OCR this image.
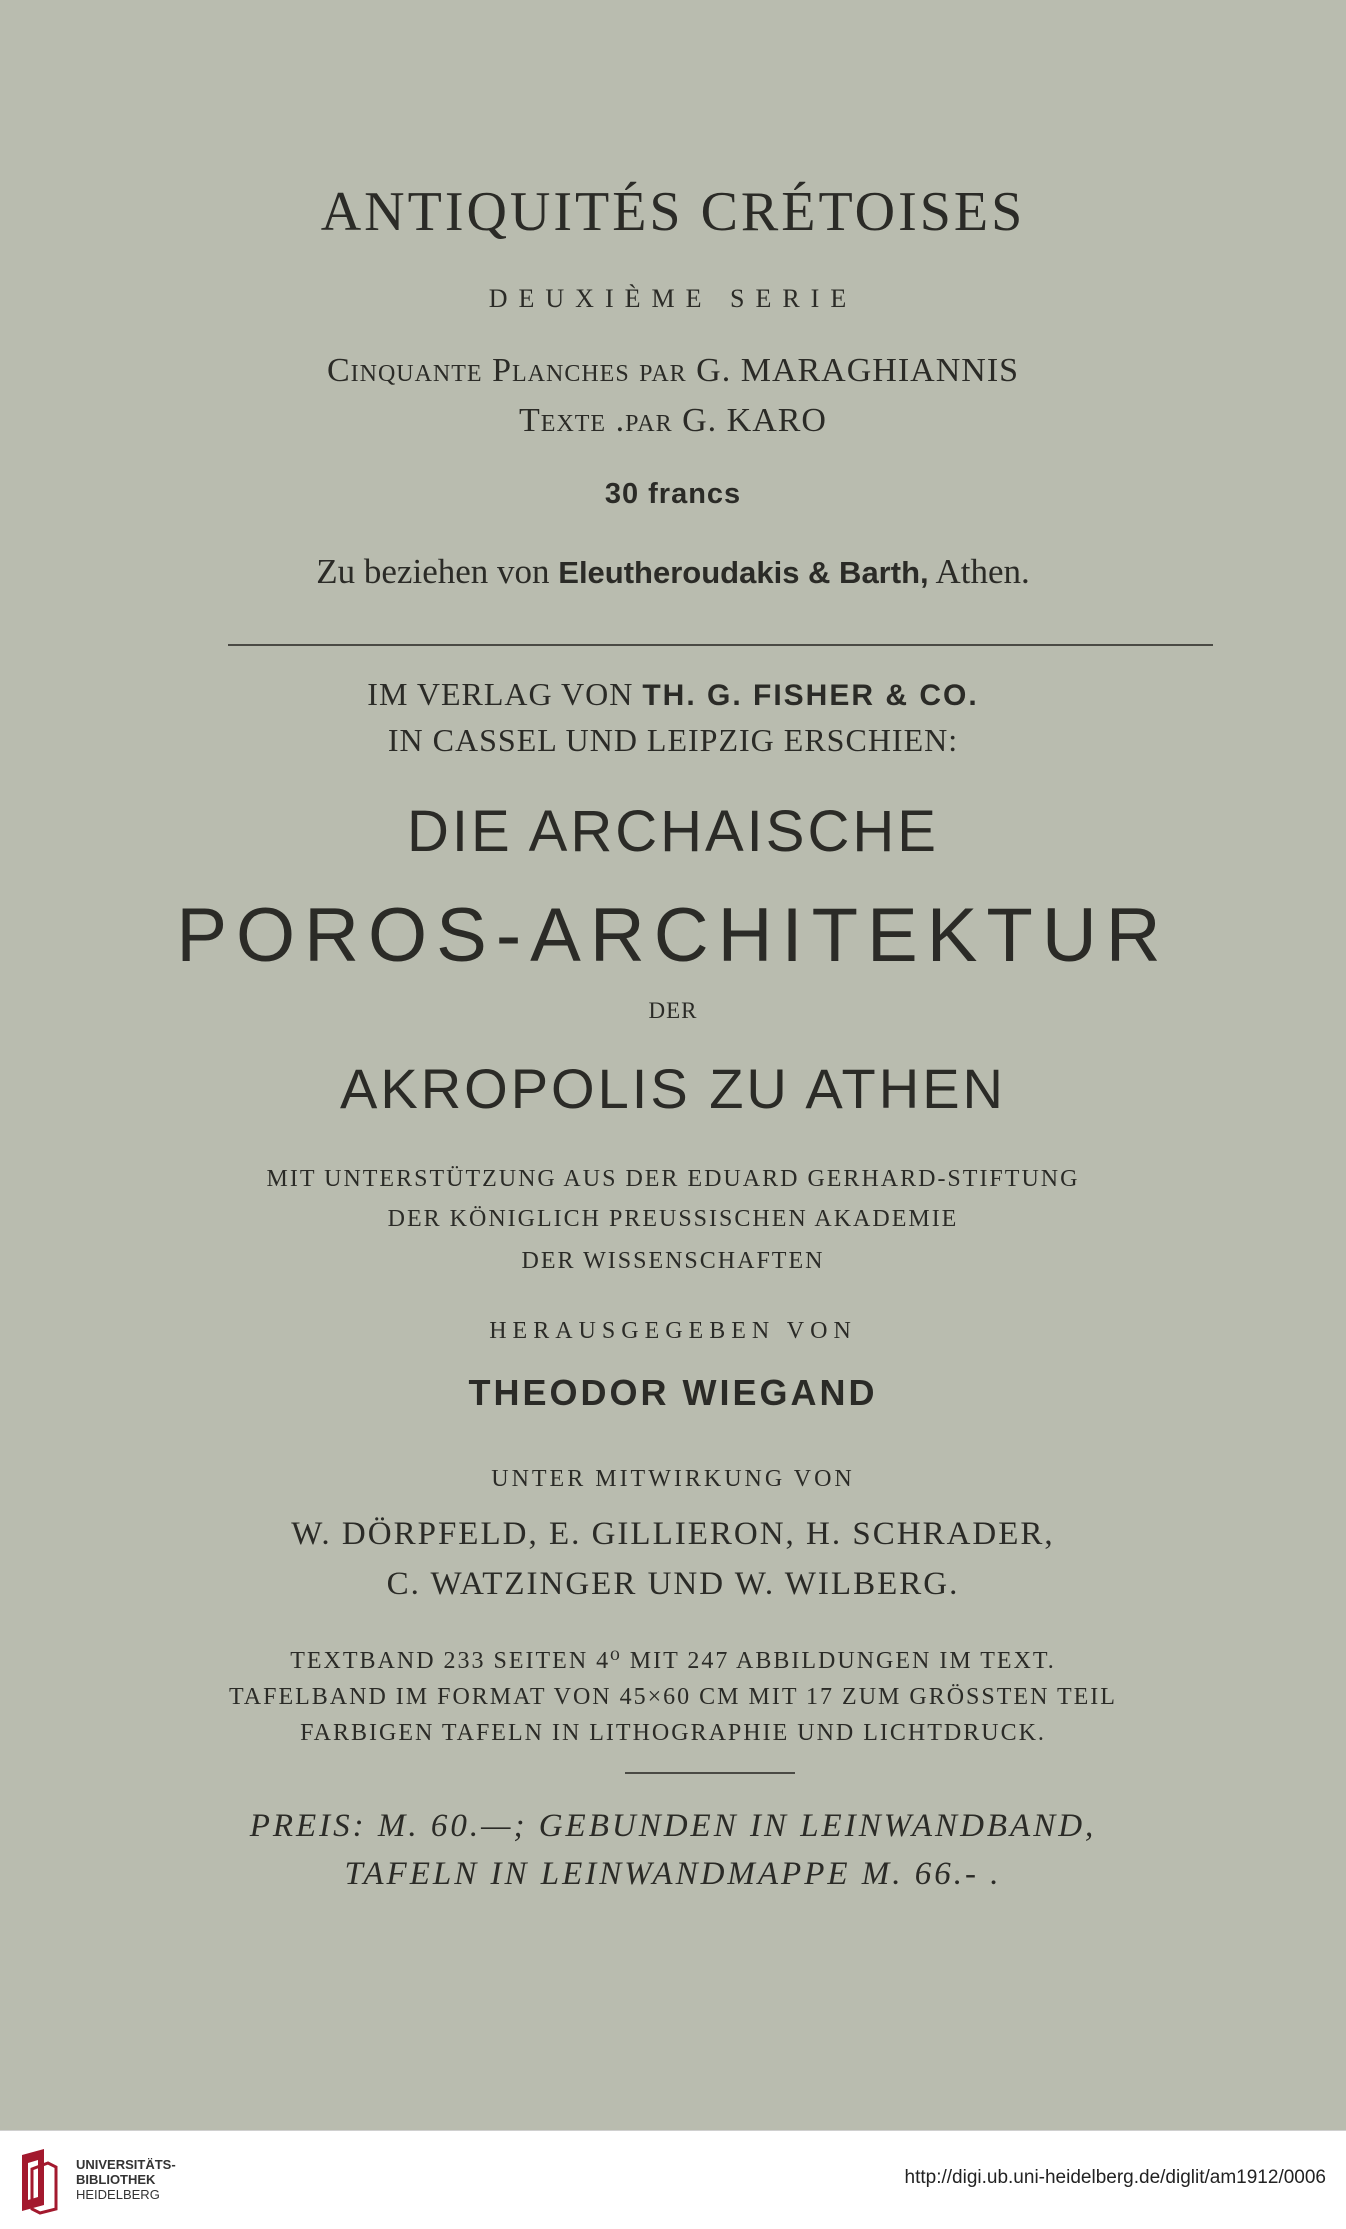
ANTIQUITÉS CRÉTOISES
DEUXIÈME SERIE
Cinquante Planches par G. MARAGHIANNIS
Texte .par G. KARO
30 francs
Zu beziehen von Eleutheroudakis & Barth, Athen.
IM VERLAG VON TH. G. FISHER & CO.
IN CASSEL UND LEIPZIG ERSCHIEN:
DIE ARCHAISCHE
POROS-ARCHITEKTUR
DER
AKROPOLIS ZU ATHEN
MIT UNTERSTÜTZUNG AUS DER EDUARD GERHARD-STIFTUNG
DER KÖNIGLICH PREUSSISCHEN AKADEMIE
DER WISSENSCHAFTEN
HERAUSGEGEBEN VON
THEODOR WIEGAND
UNTER MITWIRKUNG VON
W. DÖRPFELD, E. GILLIERON, H. SCHRADER,
C. WATZINGER UND W. WILBERG.
TEXTBAND 233 SEITEN 4⁰ MIT 247 ABBILDUNGEN IM TEXT.
TAFELBAND IM FORMAT VON 45×60 CM MIT 17 ZUM GRÖSSTEN TEIL
FARBIGEN TAFELN IN LITHOGRAPHIE UND LICHTDRUCK.
PREIS: M. 60.—; GEBUNDEN IN LEINWANDBAND,
TAFELN IN LEINWANDMAPPE M. 66.- .
UNIVERSITÄTS-
BIBLIOTHEK
HEIDELBERG
http://digi.ub.uni-heidelberg.de/diglit/am1912/0006
